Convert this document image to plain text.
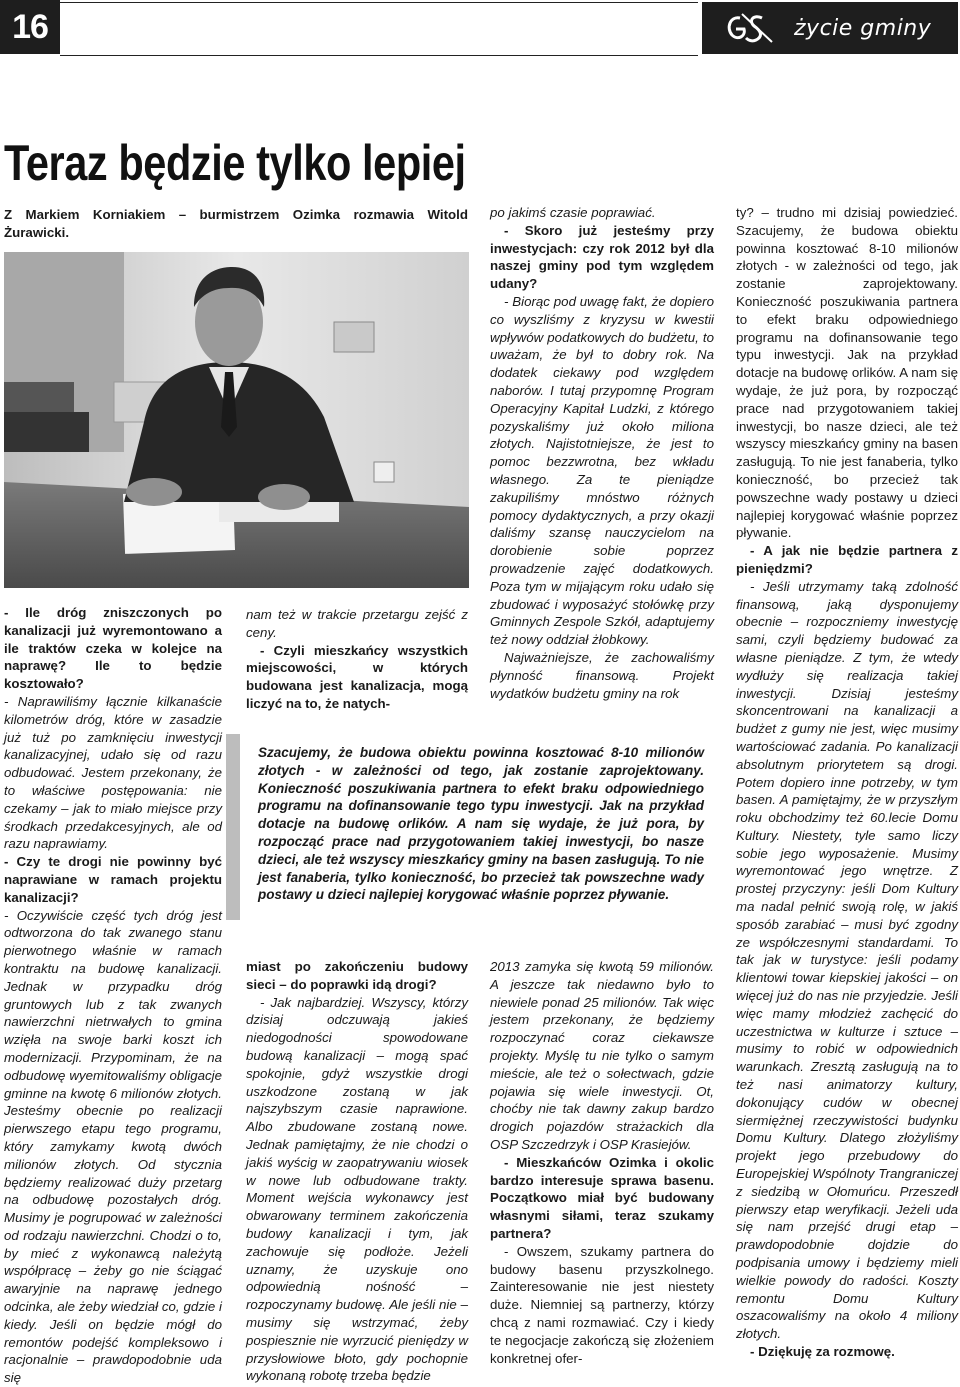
16	życie gminy
Teraz będzie tylko lepiej

Z Markiem Korniakiem – burmistrzem Ozimka rozmawia Witold Żurawicki.

- Ile dróg zniszczonych po kanalizacji już wyremontowano a ile traktów czeka w kolejce na naprawę? Ile to będzie kosztowało?

- Naprawiliśmy łącznie kilkanaście kilometrów dróg, które w zasadzie już tuż po zamknięciu inwestycji kanalizacyjnej, udało się od razu odbudować. Jestem przekonany, że to właściwe postępowania: nie czekamy – jak to miało miejsce przy środkach przedakcesyjnych, ale od razu naprawiamy.

- Czy te drogi nie powinny być naprawiane w ramach projektu kanalizacji?

- Oczywiście część tych dróg jest odtworzona do tak zwanego stanu pierwotnego właśnie w ramach kontraktu na budowę kanalizacji. Jednak w przypadku dróg gruntowych lub z tak zwanych nawierzchni nietrwałych to gmina wzięła na swoje barki koszt ich modernizacji. Przypominam, że na odbudowę wyemitowaliśmy obligacje gminne na kwotę 6 milionów złotych. Jesteśmy obecnie po realizacji pierwszego etapu tego programu, który zamykamy kwotą dwóch milionów złotych. Od stycznia będziemy realizować duży przetarg na odbudowę pozostałych dróg. Musimy je pogrupować w zależności od rodzaju nawierzchni. Chodzi o to, by mieć z wykonawcą należytą współpracę – żeby go nie ściągać awaryjnie na naprawę jednego odcinka, ale żeby wiedział co, gdzie i kiedy. Jeśli on będzie mógł do remontów podejść kompleksowo i racjonalnie – prawdopodobnie uda się

nam też w trakcie przetargu zejść z ceny.

- Czyli mieszkańcy wszystkich miejscowości, w których budowana jest kanalizacja, mogą liczyć na to, że natych-

po jakimś czasie poprawiać.

- Skoro już jesteśmy przy inwestycjach: czy rok 2012 był dla naszej gminy pod tym względem udany?

- Biorąc pod uwagę fakt, że dopiero co wyszliśmy z kryzysu w kwestii wpływów podatkowych do budżetu, to uważam, że był to dobry rok. Na dodatek ciekawy pod względem naborów. I tutaj przypomnę Program Operacyjny Kapitał Ludzki, z którego pozyskaliśmy już około miliona złotych. Najistotniejsze, że jest to pomoc bezzwrotna, bez wkładu własnego. Za te pieniądze zakupiliśmy mnóstwo różnych pomocy dydaktycznych, a przy okazji daliśmy szansę nauczycielom na dorobienie sobie poprzez prowadzenie zajęć dodatkowych. Poza tym w mijającym roku udało się zbudować i wyposażyć stołówkę przy Gminnych Zespole Szkół, adaptujemy też nowy oddział żłobkowy.

Najważniejsze, że zachowaliśmy płynność finansową. Projekt wydatków budżetu gminy na rok

Szacujemy, że budowa obiektu powinna kosztować 8-10 milionów złotych - w zależności od tego, jak zostanie zaprojektowany. Konieczność poszukiwania partnera to efekt braku odpowiedniego programu na dofinansowanie tego typu inwestycji. Jak na przykład dotacje na budowę orlików. A nam się wydaje, że już pora, by rozpocząć prace nad przygotowaniem takiej inwestycji, bo nasze dzieci, ale też wszyscy mieszkańcy gminy na basen zasługują. To nie jest fanaberia, tylko konieczność, bo przecież tak powszechne wady postawy u dzieci najlepiej korygować właśnie poprzez pływanie.

miast po zakończeniu budowy sieci – do poprawki idą drogi?

- Jak najbardziej. Wszyscy, którzy dzisiaj odczuwają jakieś niedogodności spowodowane budową kanalizacji – mogą spać spokojnie, gdyż wszystkie drogi uszkodzone zostaną w jak najszybszym czasie naprawione. Albo zbudowane zostaną nowe. Jednak pamiętajmy, że nie chodzi o jakiś wyścig w zaopatrywaniu wiosek w nowe lub odbudowane trakty. Moment wejścia wykonawcy jest obwarowany terminem zakończenia budowy kanalizacji i tym, jak zachowuje się podłoże. Jeżeli uznamy, że uzyskuje ono odpowiednią nośność – rozpoczynamy budowę. Ale jeśli nie – musimy się wstrzymać, żeby pospiesznie nie wyrzucić pieniędzy w przysłowiowe błoto, gdy pochopnie wykonaną robotę trzeba będzie

2013 zamyka się kwotą 59 milionów. A jeszcze tak niedawno było to niewiele ponad 25 milionów. Tak więc jestem przekonany, że będziemy rozpoczynać coraz ciekawsze projekty. Myślę tu nie tylko o samym mieście, ale też o sołectwach, gdzie pojawia się wiele inwestycji. Ot, choćby nie tak dawny zakup bardzo drogich pojazdów strażackich dla OSP Szczedrzyk i OSP Krasiejów.

- Mieszkańców Ozimka i okolic bardzo interesuje sprawa basenu. Początkowo miał być budowany własnymi siłami, teraz szukamy partnera?

- Owszem, szukamy partnera do budowy basenu przyszkolnego. Zainteresowanie nie jest niestety duże. Niemniej są partnerzy, którzy chcą z nami rozmawiać. Czy i kiedy te negocjacje zakończą się złożeniem konkretnej ofer-

ty? – trudno mi dzisiaj powiedzieć. Szacujemy, że budowa obiektu powinna kosztować 8-10 milionów złotych - w zależności od tego, jak zostanie zaprojektowany. Konieczność poszukiwania partnera to efekt braku odpowiedniego programu na dofinansowanie tego typu inwestycji. Jak na przykład dotacje na budowę orlików. A nam się wydaje, że już pora, by rozpocząć prace nad przygotowaniem takiej inwestycji, bo nasze dzieci, ale też wszyscy mieszkańcy gminy na basen zasługują. To nie jest fanaberia, tylko konieczność, bo przecież tak powszechne wady postawy u dzieci najlepiej korygować właśnie poprzez pływanie.

- A jak nie będzie partnera z pieniędzmi?

- Jeśli utrzymamy taką zdolność finansową, jaką dysponujemy obecnie – rozpoczniemy inwestycję sami, czyli będziemy budować za własne pieniądze. Z tym, że wtedy wydłuży się realizacja takiej inwestycji. Dzisiaj jesteśmy skoncentrowani na kanalizacji a budżet z gumy nie jest, więc musimy wartościować zadania. Po kanalizacji absolutnym priorytetem są drogi. Potem dopiero inne potrzeby, w tym basen. A pamiętajmy, że w przyszłym roku obchodzimy też 60.lecie Domu Kultury. Niestety, tyle samo liczy sobie jego wyposażenie. Musimy wyremontować jego wnętrze. Z prostej przyczyny: jeśli Dom Kultury ma nadal pełnić swoją rolę, w jakiś sposób zarabiać – musi być zgodny ze współczesnymi standardami. To tak jak w turystyce: jeśli podamy klientowi towar kiepskiej jakości – on więcej już do nas nie przyjedzie. Jeśli więc mamy młodzież zachęcić do uczestnictwa w kulturze i sztuce – musimy to robić w odpowiednich warunkach. Zresztą zasługują na to też nasi animatorzy kultury, dokonujący cudów w obecnej siermiężnej rzeczywistości budynku Domu Kultury. Dlatego złożyliśmy projekt jego przebudowy do Europejskiej Wspólnoty Trangraniczej z siedzibą w Ołomuńcu. Przeszedł pierwszy etap weryfikacji. Jeżeli uda się nam przejść drugi etap – prawdopodobnie dojdzie do podpisania umowy i będziemy mieli wielkie powody do radości. Koszty remontu Domu Kultury oszacowaliśmy na około 4 miliony złotych.

- Dziękuję za rozmowę.
